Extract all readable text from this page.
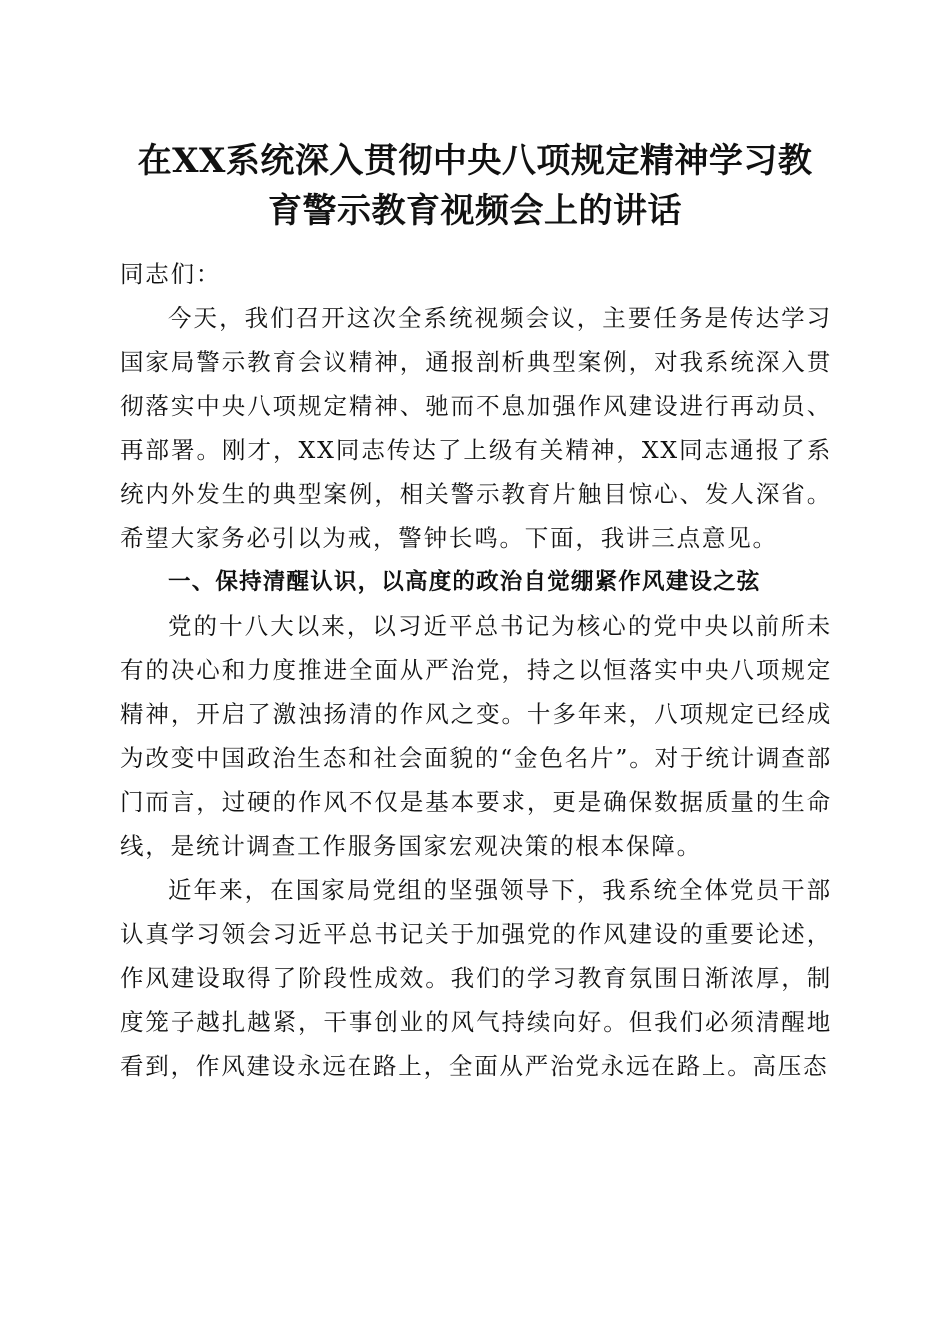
在XX系统深入贯彻中央八项规定精神学习教
育警示教育视频会上的讲话

同志们：

今天，我们召开这次全系统视频会议，主要任务是传达学习国家局警示教育会议精神，通报剖析典型案例，对我系统深入贯彻落实中央八项规定精神、驰而不息加强作风建设进行再动员、再部署。刚才，XX同志传达了上级有关精神，XX同志通报了系统内外发生的典型案例，相关警示教育片触目惊心、发人深省。希望大家务必引以为戒，警钟长鸣。下面，我讲三点意见。

一、保持清醒认识，以高度的政治自觉绷紧作风建设之弦

党的十八大以来，以习近平总书记为核心的党中央以前所未有的决心和力度推进全面从严治党，持之以恒落实中央八项规定精神，开启了激浊扬清的作风之变。十多年来，八项规定已经成为改变中国政治生态和社会面貌的“金色名片”。对于统计调查部门而言，过硬的作风不仅是基本要求，更是确保数据质量的生命线，是统计调查工作服务国家宏观决策的根本保障。

近年来，在国家局党组的坚强领导下，我系统全体党员干部认真学习领会习近平总书记关于加强党的作风建设的重要论述，作风建设取得了阶段性成效。我们的学习教育氛围日渐浓厚，制度笼子越扎越紧，干事创业的风气持续向好。但我们必须清醒地看到，作风建设永远在路上，全面从严治党永远在路上。高压态
